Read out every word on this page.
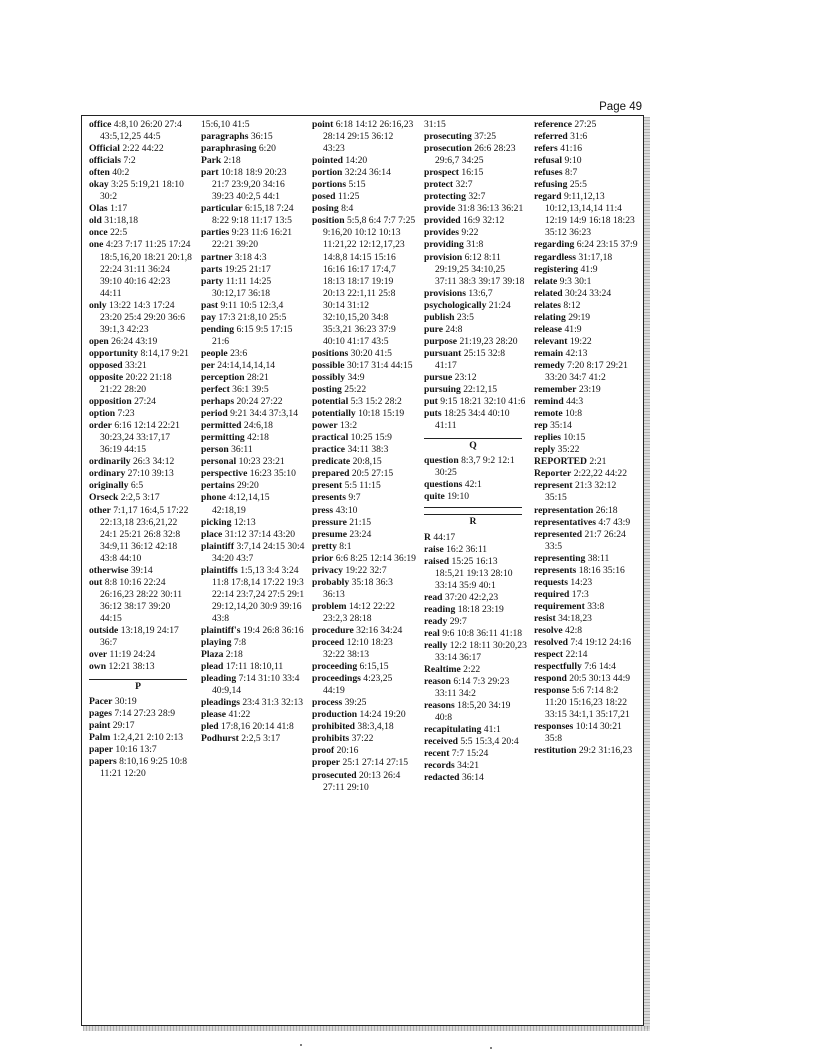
Page 49
office 4:8,10 26:20 27:4 43:5,12,25 44:5
Official 2:22 44:22
officials 7:2
often 40:2
okay 3:25 5:19,21 18:10 30:2
Olas 1:17
old 31:18,18
once 22:5
one 4:23 7:17 11:25 17:24 18:5,16,20 18:21 20:1,8 22:24 31:11 36:24 39:10 40:16 42:23 44:11
only 13:22 14:3 17:24 23:20 25:4 29:20 36:6 39:1,3 42:23
open 26:24 43:19
opportunity 8:14,17 9:21
opposed 33:21
opposite 20:22 21:18 21:22 28:20
opposition 27:24
option 7:23
order 6:16 12:14 22:21 30:23,24 33:17,17 36:19 44:15
ordinarily 26:3 34:12
ordinary 27:10 39:13
originally 6:5
Orseck 2:2,5 3:17
other 7:1,17 16:4,5 17:22 22:13,18 23:6,21,22 24:1 25:21 26:8 32:8 34:9,11 36:12 42:18 43:8 44:10
otherwise 39:14
out 8:8 10:16 22:24 26:16,23 28:22 30:11 36:12 38:17 39:20 44:15
outside 13:18,19 24:17 36:7
over 11:19 24:24
own 12:21 38:13
P
Pacer 30:19
pages 7:14 27:23 28:9
paint 29:17
Palm 1:2,4,21 2:10 2:13
paper 10:16 13:7
papers 8:10,16 9:25 10:8 11:21 12:20
15:6,10 41:5
paragraphs 36:15
paraphrasing 6:20
Park 2:18
part 10:18 18:9 20:23 21:7 23:9,20 34:16 39:23 40:2,5 44:1
particular 6:15,18 7:24 8:22 9:18 11:17 13:5
parties 9:23 11:6 16:21 22:21 39:20
partner 3:18 4:3
parts 19:25 21:17
party 11:11 14:25 30:12,17 36:18
past 9:11 10:5 12:3,4
pay 17:3 21:8,10 25:5
pending 6:15 9:5 17:15 21:6
people 23:6
per 24:14,14,14,14
perception 28:21
perfect 36:1 39:5
perhaps 20:24 27:22
period 9:21 34:4 37:3,14
permitted 24:6,18
permitting 42:18
person 36:11
personal 10:23 23:21
perspective 16:23 35:10
pertains 29:20
phone 4:12,14,15 42:18,19
picking 12:13
place 31:12 37:14 43:20
plaintiff 3:7,14 24:15 30:4 34:20 43:7
plaintiffs 1:5,13 3:4 3:24 11:8 17:8,14 17:22 19:3 22:14 23:7,24 27:5 29:1 29:12,14,20 30:9 39:16 43:8
plaintiff's 19:4 26:8 36:16
playing 7:8
Plaza 2:18
plead 17:11 18:10,11
pleading 7:14 31:10 33:4 40:9,14
pleadings 23:4 31:3 32:13
please 41:22
pled 17:8,16 20:14 41:8
Podhurst 2:2,5 3:17
point 6:18 14:12 26:16,23 28:14 29:15 36:12 43:23
pointed 14:20
portion 32:24 36:14
portions 5:15
posed 11:25
posing 8:4
position 5:5,8 6:4 7:7 7:25 9:16,20 10:12 10:13 11:21,22 12:12,17,23 14:8,8 14:15 15:16 16:16 16:17 17:4,7 18:13 18:17 19:19 20:13 22:1,11 25:8 30:14 31:12 32:10,15,20 34:8 35:3,21 36:23 37:9 40:10 41:17 43:5
positions 30:20 41:5
possible 30:17 31:4 44:15
possibly 34:9
posting 25:22
potential 5:3 15:2 28:2
potentially 10:18 15:19
power 13:2
practical 10:25 15:9
practice 34:11 38:3
predicate 20:8,15
prepared 20:5 27:15
present 5:5 11:15
presents 9:7
press 43:10
pressure 21:15
presume 23:24
pretty 8:1
prior 6:6 8:25 12:14 36:19
privacy 19:22 32:7
probably 35:18 36:3 36:13
problem 14:12 22:22 23:2,3 28:18
procedure 32:16 34:24
proceed 12:10 18:23 32:22 38:13
proceeding 6:15,15
proceedings 4:23,25 44:19
process 39:25
production 14:24 19:20
prohibited 38:3,4,18
prohibits 37:22
proof 20:16
proper 25:1 27:14 27:15
prosecuted 20:13 26:4 27:11 29:10
31:15
prosecuting 37:25
prosecution 26:6 28:23 29:6,7 34:25
prospect 16:15
protect 32:7
protecting 32:7
provide 31:8 36:13 36:21
provided 16:9 32:12
provides 9:22
providing 31:8
provision 6:12 8:11 29:19,25 34:10,25 37:11 38:3 39:17 39:18
provisions 13:6,7
psychologically 21:24
publish 23:5
pure 24:8
purpose 21:19,23 28:20
pursuant 25:15 32:8 41:17
pursue 23:12
pursuing 22:12,15
put 9:15 18:21 32:10 41:6
puts 18:25 34:4 40:10 41:11
Q
question 8:3,7 9:2 12:1 30:25
questions 42:1
quite 19:10
R
R 44:17
raise 16:2 36:11
raised 15:25 16:13 18:5,21 19:13 28:10 33:14 35:9 40:1
read 37:20 42:2,23
reading 18:18 23:19
ready 29:7
real 9:6 10:8 36:11 41:18
really 12:2 18:11 30:20,23 33:14 36:17
Realtime 2:22
reason 6:14 7:3 29:23 33:11 34:2
reasons 18:5,20 34:19 40:8
recapitulating 41:1
received 5:5 15:3,4 20:4
recent 7:7 15:24
records 34:21
redacted 36:14
reference 27:25
referred 31:6
refers 41:16
refusal 9:10
refuses 8:7
refusing 25:5
regard 9:11,12,13 10:12,13,14,14 11:4 12:19 14:9 16:18 18:23 35:12 36:23
regarding 6:24 23:15 37:9
regardless 31:17,18
registering 41:9
relate 9:3 30:1
related 30:24 33:24
relates 8:12
relating 29:19
release 41:9
relevant 19:22
remain 42:13
remedy 7:20 8:17 29:21 33:20 34:7 41:2
remember 23:19
remind 44:3
remote 10:8
rep 35:14
replies 10:15
reply 35:22
REPORTED 2:21
Reporter 2:22,22 44:22
represent 21:3 32:12 35:15
representation 26:18
representatives 4:7 43:9
represented 21:7 26:24 33:5
representing 38:11
represents 18:16 35:16
requests 14:23
required 17:3
requirement 33:8
resist 34:18,23
resolve 42:8
resolved 7:4 19:12 24:16
respect 22:14
respectfully 7:6 14:4
respond 20:5 30:13 44:9
response 5:6 7:14 8:2 11:20 15:16,23 18:22 33:15 34:1,1 35:17,21
responses 10:14 30:21 35:8
restitution 29:2 31:16,23
